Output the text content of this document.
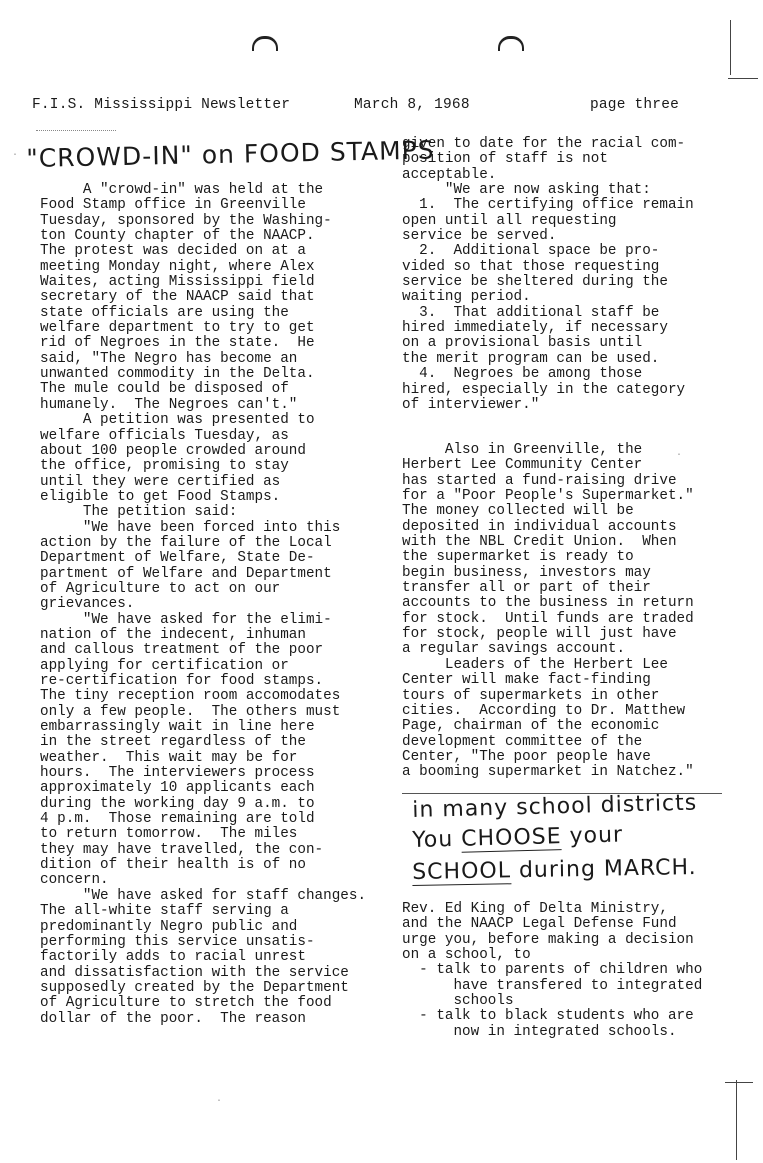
F.I.S. Mississippi Newsletter	March 8, 1968	page three
"CROWD-IN" on FOOD STAMPS

A "crowd-in" was held at the

Food Stamp office in Greenville

Tuesday, sponsored by the Washing-

ton County chapter of the NAACP.

The protest was decided on at a

meeting Monday night, where Alex

Waites, acting Mississippi field

secretary of the NAACP said that

state officials are using the

welfare department to try to get

rid of Negroes in the state.  He

said, "The Negro has become an

unwanted commodity in the Delta.

The mule could be disposed of

humanely.  The Negroes can't."

A petition was presented to

welfare officials Tuesday, as

about 100 people crowded around

the office, promising to stay

until they were certified as

eligible to get Food Stamps.

The petition said:

"We have been forced into this

action by the failure of the Local

Department of Welfare, State De-

partment of Welfare and Department

of Agriculture to act on our

grievances.

"We have asked for the elimi-

nation of the indecent, inhuman

and callous treatment of the poor

applying for certification or

re-certification for food stamps.

The tiny reception room accomodates

only a few people.  The others must

embarrassingly wait in line here

in the street regardless of the

weather.  This wait may be for

hours.  The interviewers process

approximately 10 applicants each

during the working day 9 a.m. to

4 p.m.  Those remaining are told

to return tomorrow.  The miles

they may have travelled, the con-

dition of their health is of no

concern.

"We have asked for staff changes.

The all-white staff serving a

predominantly Negro public and

performing this service unsatis-

factorily adds to racial unrest

and dissatisfaction with the service

supposedly created by the Department

of Agriculture to stretch the food

dollar of the poor.  The reason

given to date for the racial com-

position of staff is not

acceptable.

"We are now asking that:

1.  The certifying office remain

open until all requesting

service be served.

2.  Additional space be pro-

vided so that those requesting

service be sheltered during the

waiting period.

3.  That additional staff be

hired immediately, if necessary

on a provisional basis until

the merit program can be used.

4.  Negroes be among those

hired, especially in the category

of interviewer."

Also in Greenville, the

Herbert Lee Community Center

has started a fund-raising drive

for a "Poor People's Supermarket."

The money collected will be

deposited in individual accounts

with the NBL Credit Union.  When

the supermarket is ready to

begin business, investors may

transfer all or part of their

accounts to the business in return

for stock.  Until funds are traded

for stock, people will just have

a regular savings account.

Leaders of the Herbert Lee

Center will make fact-finding

tours of supermarkets in other

cities.  According to Dr. Matthew

Page, chairman of the economic

development committee of the

Center, "The poor people have

a booming supermarket in Natchez."

in many school districts
You CHOOSE your
SCHOOL during MARCH.

Rev. Ed King of Delta Ministry,

and the NAACP Legal Defense Fund

urge you, before making a decision

on a school, to

- talk to parents of children who

have transfered to integrated

schools

- talk to black students who are

now in integrated schools.

·
·
·
